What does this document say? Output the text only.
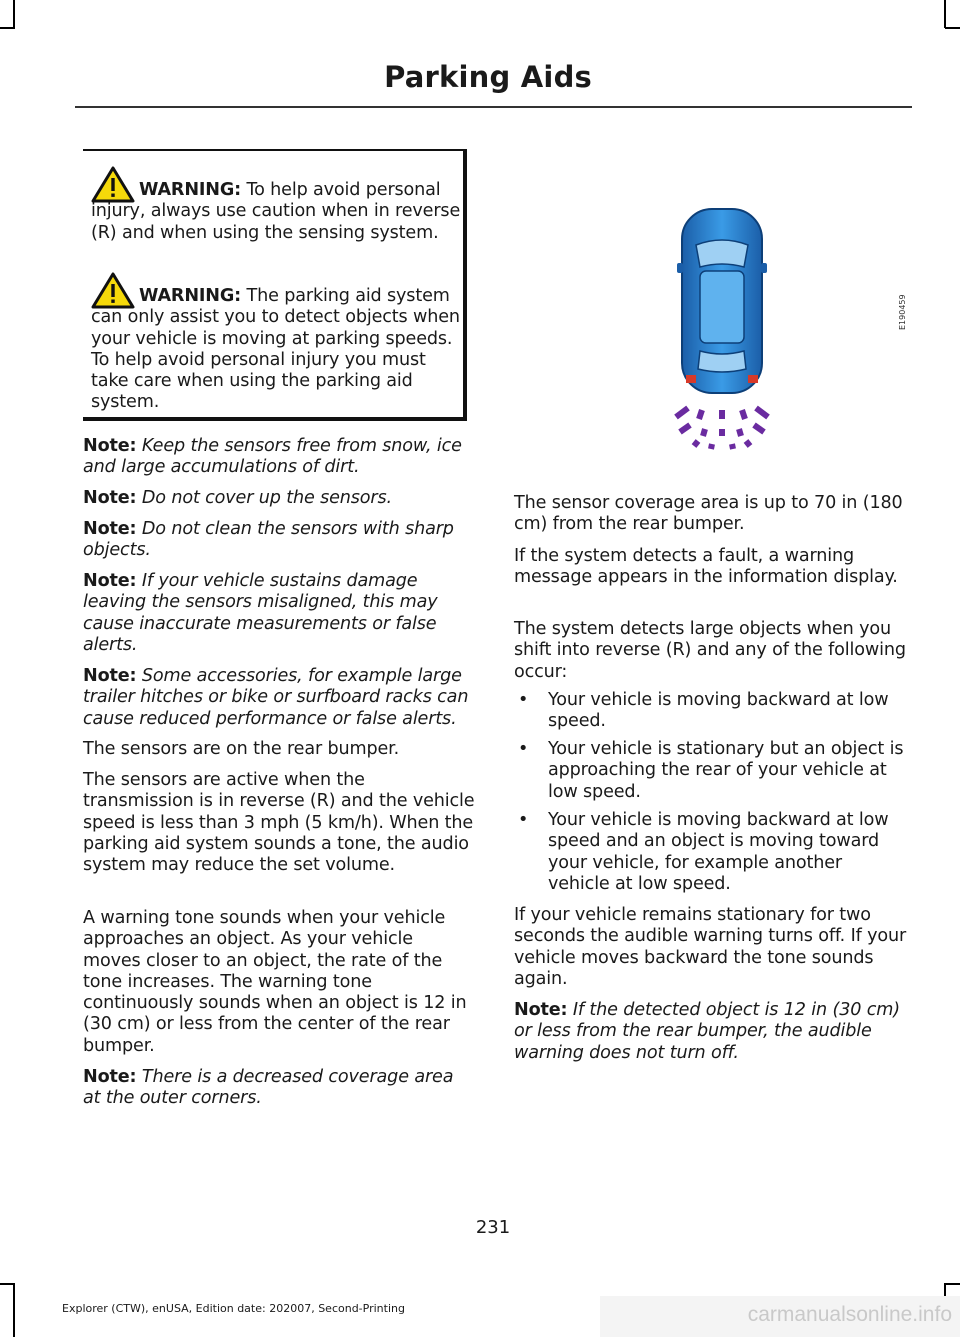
Parking Aids

WARNING: To help avoid personal injury, always use caution when in reverse (R) and when using the sensing system.

WARNING: The parking aid system can only assist you to detect objects when your vehicle is moving at parking speeds. To help avoid personal injury you must take care when using the parking aid system.

Note: Keep the sensors free from snow, ice and large accumulations of dirt.

Note: Do not cover up the sensors.

Note: Do not clean the sensors with sharp objects.

Note: If your vehicle sustains damage leaving the sensors misaligned, this may cause inaccurate measurements or false alerts.

Note: Some accessories, for example large trailer hitches or bike or surfboard racks can cause reduced performance or false alerts.

The sensors are on the rear bumper.

The sensors are active when the transmission is in reverse (R) and the vehicle speed is less than 3 mph (5 km/h). When the parking aid system sounds a tone, the audio system may reduce the set volume.

A warning tone sounds when your vehicle approaches an object. As your vehicle moves closer to an object, the rate of the tone increases. The warning tone continuously sounds when an object is 12 in (30 cm) or less from the center of the rear bumper.

Note: There is a decreased coverage area at the outer corners.

The sensor coverage area is up to 70 in (180 cm) from the rear bumper.

If the system detects a fault, a warning message appears in the information display.

The system detects large objects when you shift into reverse (R) and any of the following occur:

• Your vehicle is moving backward at low speed.

• Your vehicle is stationary but an object is approaching the rear of your vehicle at low speed.

• Your vehicle is moving backward at low speed and an object is moving toward your vehicle, for example another vehicle at low speed.

If your vehicle remains stationary for two seconds the audible warning turns off. If your vehicle moves backward the tone sounds again.

Note: If the detected object is 12 in (30 cm) or less from the rear bumper, the audible warning does not turn off.

E190459
231
Explorer (CTW), enUSA, Edition date: 202007, Second-Printing	carmanualsonline.info
